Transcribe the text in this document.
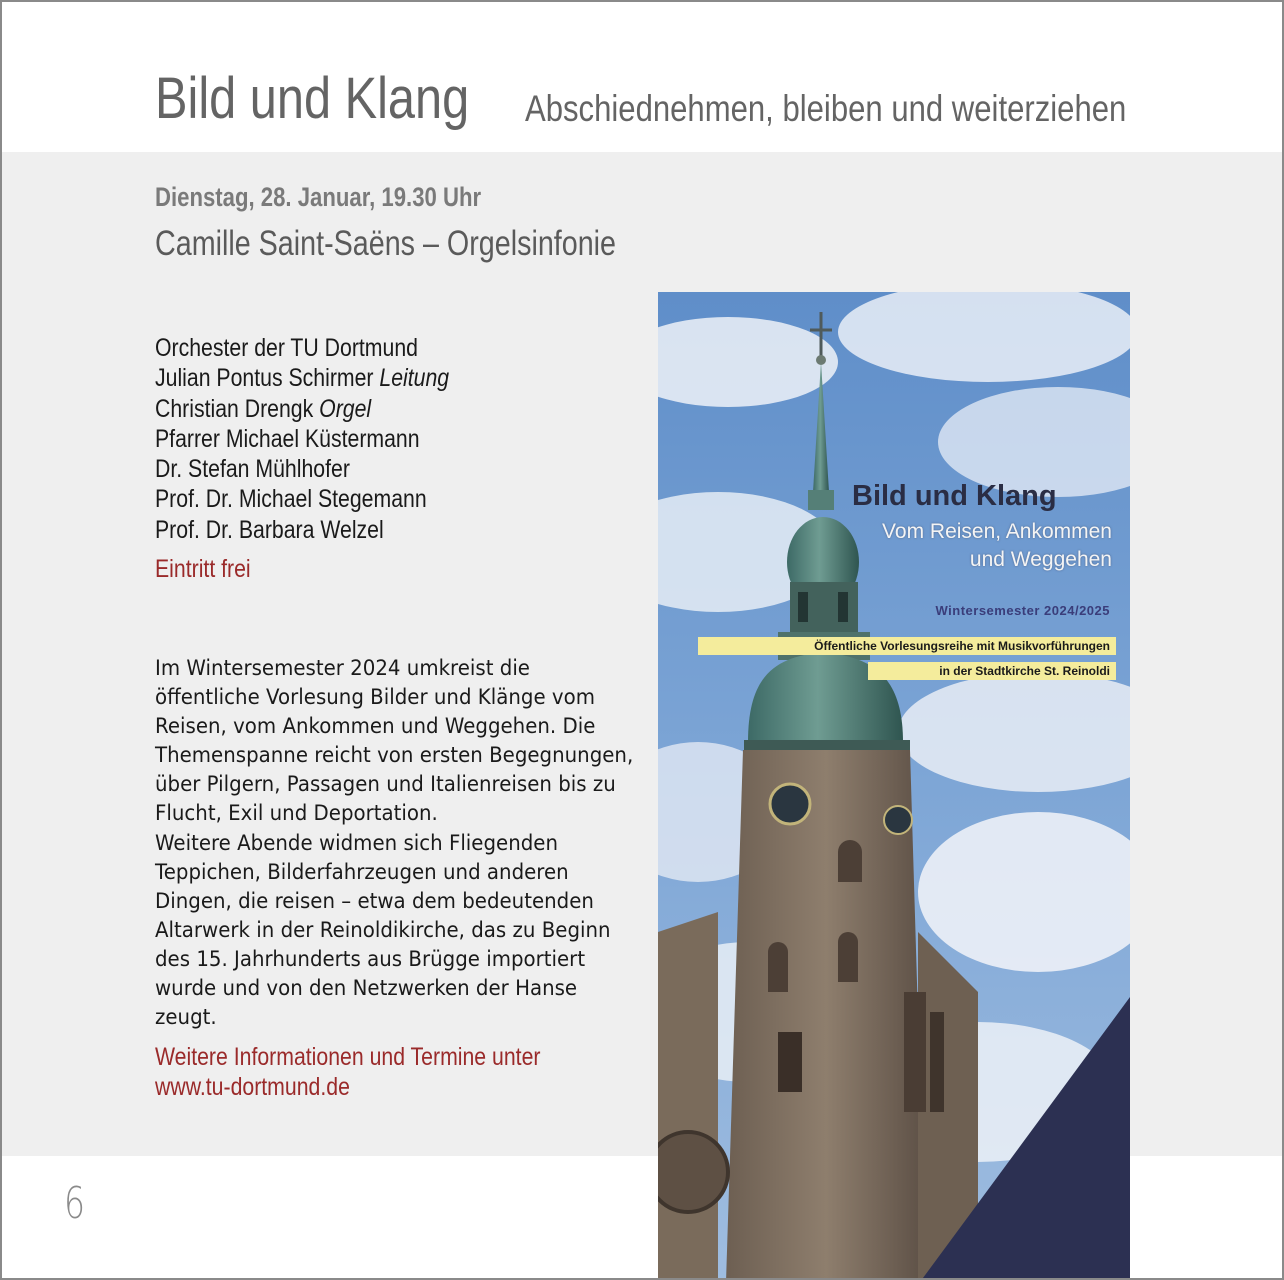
Bild und Klang Abschiednehmen, bleiben und weiterziehen
Dienstag, 28. Januar, 19.30 Uhr
Camille Saint-Saëns – Orgelsinfonie
Orchester der TU Dortmund
Julian Pontus Schirmer Leitung
Christian Drengk Orgel
Pfarrer Michael Küstermann
Dr. Stefan Mühlhofer
Prof. Dr. Michael Stegemann
Prof. Dr. Barbara Welzel
Eintritt frei

Im Wintersemester 2024 umkreist die öffentliche Vorlesung Bilder und Klänge vom Reisen, vom Ankommen und Weggehen. Die Themenspanne reicht von ersten Begegnungen, über Pilgern, Passagen und Italienreisen bis zu Flucht, Exil und Deportation.

Weitere Abende widmen sich Fliegenden Teppichen, Bilderfahrzeugen und anderen Dingen, die reisen – etwa dem bedeutenden Altarwerk in der Reinoldikirche, das zu Beginn des 15. Jahrhunderts aus Brügge importiert wurde und von den Netzwerken der Hanse zeugt.

Weitere Informationen und Termine unter
www.tu-dortmund.de
6
Bild und Klang
Vom Reisen, Ankommen
und Weggehen
Wintersemester 2024/2025
Öffentliche Vorlesungsreihe mit Musikvorführungen
in der Stadtkirche St. Reinoldi
